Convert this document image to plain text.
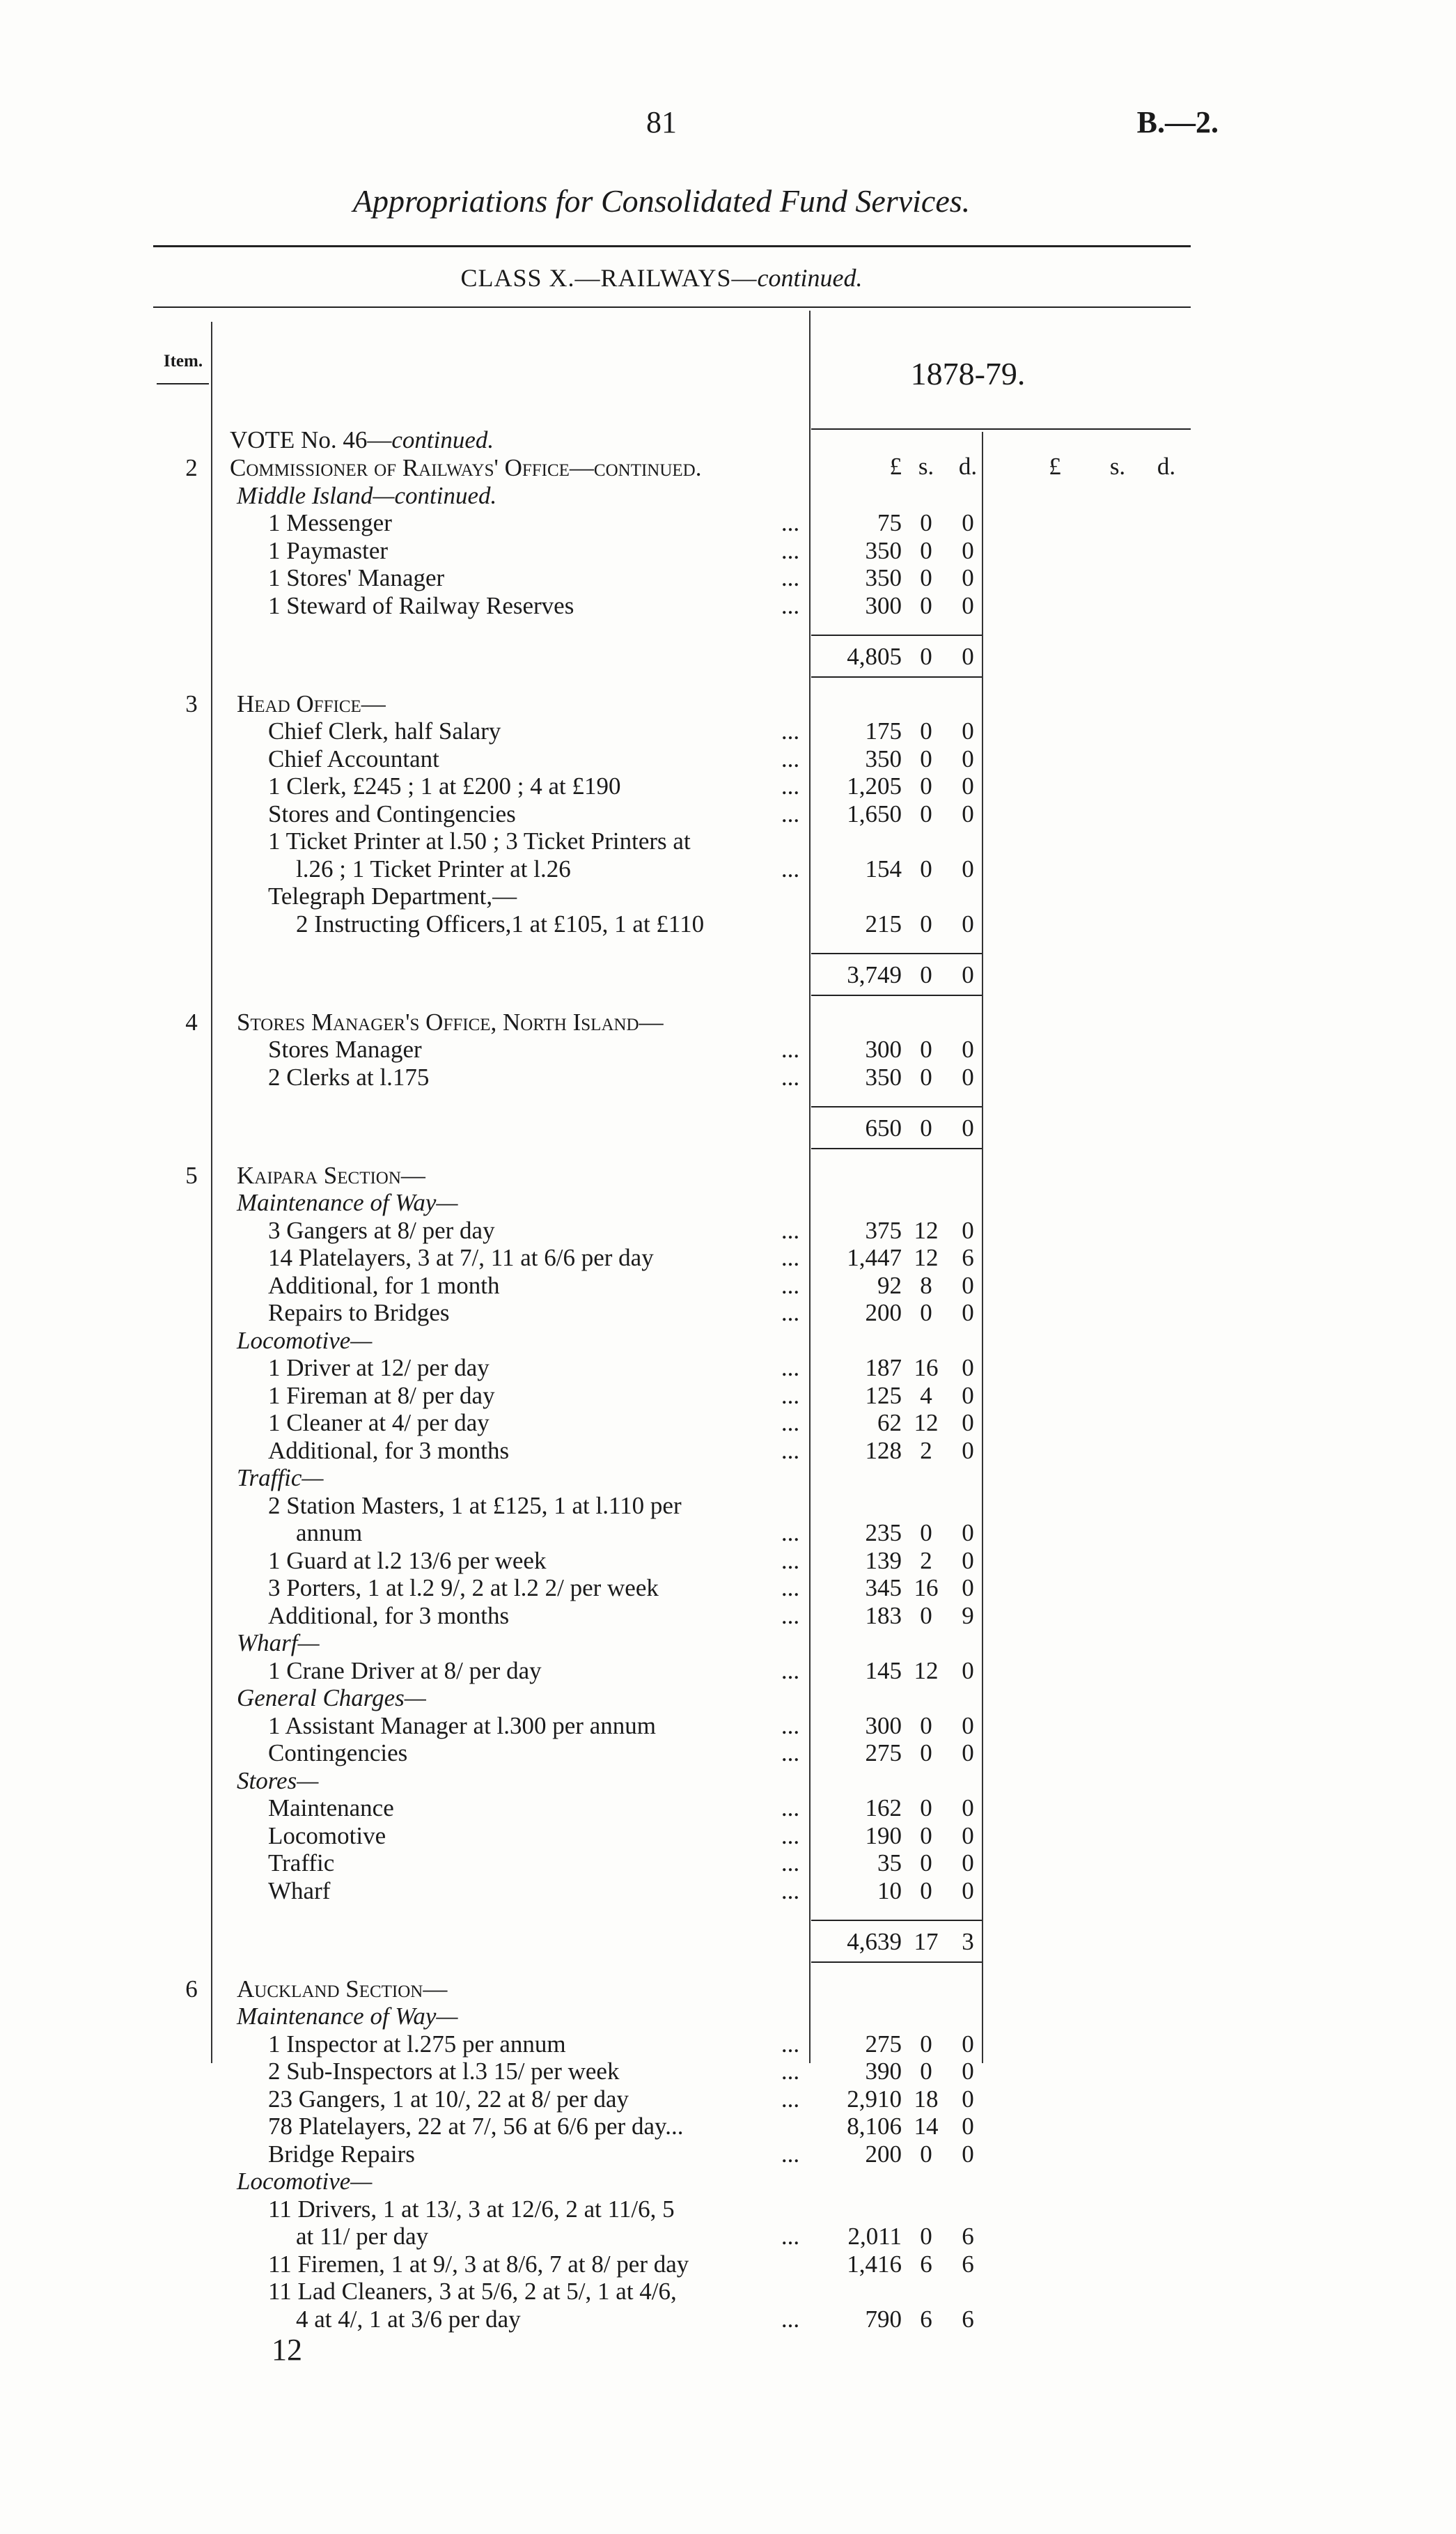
81	B.—2.
Appropriations for Consolidated Fund Services.
CLASS X.—RAILWAYS—continued.
Item.	1878-79.
£ s.	d.	£	s.	d.
VOTE No. 46—continued.
2	Commissioner of Railways' Office—continued.
Middle Island—continued.
1 Messenger	...	75 0	0
1 Paymaster	...	350 0	0
1 Stores' Manager	...	350 0	0
1 Steward of Railway Reserves	...	300 0	0
4,805 0	0
3	Head Office—
Chief Clerk, half Salary	...	175 0	0
Chief Accountant	...	350 0	0
1 Clerk, £245 ; 1 at £200 ; 4 at £190	...	1,205 0	0
Stores and Contingencies	...	1,650 0	0
1 Ticket Printer at l.50 ; 3 Ticket Printers at
l.26 ; 1 Ticket Printer at l.26	...	154 0	0
Telegraph Department,—
2 Instructing Officers,1 at £105, 1 at £110	215 0	0
3,749 0	0
4	Stores Manager's Office, North Island—
Stores Manager	...	300 0	0
2 Clerks at l.175	...	350 0	0
650 0	0
5	Kaipara Section—
Maintenance of Way—
3 Gangers at 8/ per day	...	375 12 0
14 Platelayers, 3 at 7/, 11 at 6/6 per day	...	1,447 12 6
Additional, for 1 month	...	92 8	0
Repairs to Bridges	...	200 0	0
Locomotive—
1 Driver at 12/ per day	...	187 16 0
1 Fireman at 8/ per day	...	125 4	0
1 Cleaner at 4/ per day	...	62 12 0
Additional, for 3 months	...	128 2	0
Traffic—
2 Station Masters, 1 at £125, 1 at l.110 per
annum	...	235 0	0
1 Guard at l.2 13/6 per week	...	139 2	0
3 Porters, 1 at l.2 9/, 2 at l.2 2/ per week	...	345 16 0
Additional, for 3 months	...	183 0	9
Wharf—
1 Crane Driver at 8/ per day	...	145 12 0
General Charges—
1 Assistant Manager at l.300 per annum	...	300 0	0
Contingencies	...	275 0	0
Stores—
Maintenance	...	162 0	0
Locomotive	...	190 0	0
Traffic	...	35 0	0
Wharf	...	10 0	0
4,639 17 3
6	Auckland Section—
Maintenance of Way—
1 Inspector at l.275 per annum	...	275 0	0
2 Sub-Inspectors at l.3 15/ per week	...	390 0	0
23 Gangers, 1 at 10/, 22 at 8/ per day	...	2,910 18 0
78 Platelayers, 22 at 7/, 56 at 6/6 per day...	8,106 14 0
Bridge Repairs	...	200 0	0
Locomotive—
11 Drivers, 1 at 13/, 3 at 12/6, 2 at 11/6, 5
at 11/ per day	...	2,011 0	6
11 Firemen, 1 at 9/, 3 at 8/6, 7 at 8/ per day	1,416 6	6
11 Lad Cleaners, 3 at 5/6, 2 at 5/, 1 at 4/6,
4 at 4/, 1 at 3/6 per day	...	790 6	6
12
